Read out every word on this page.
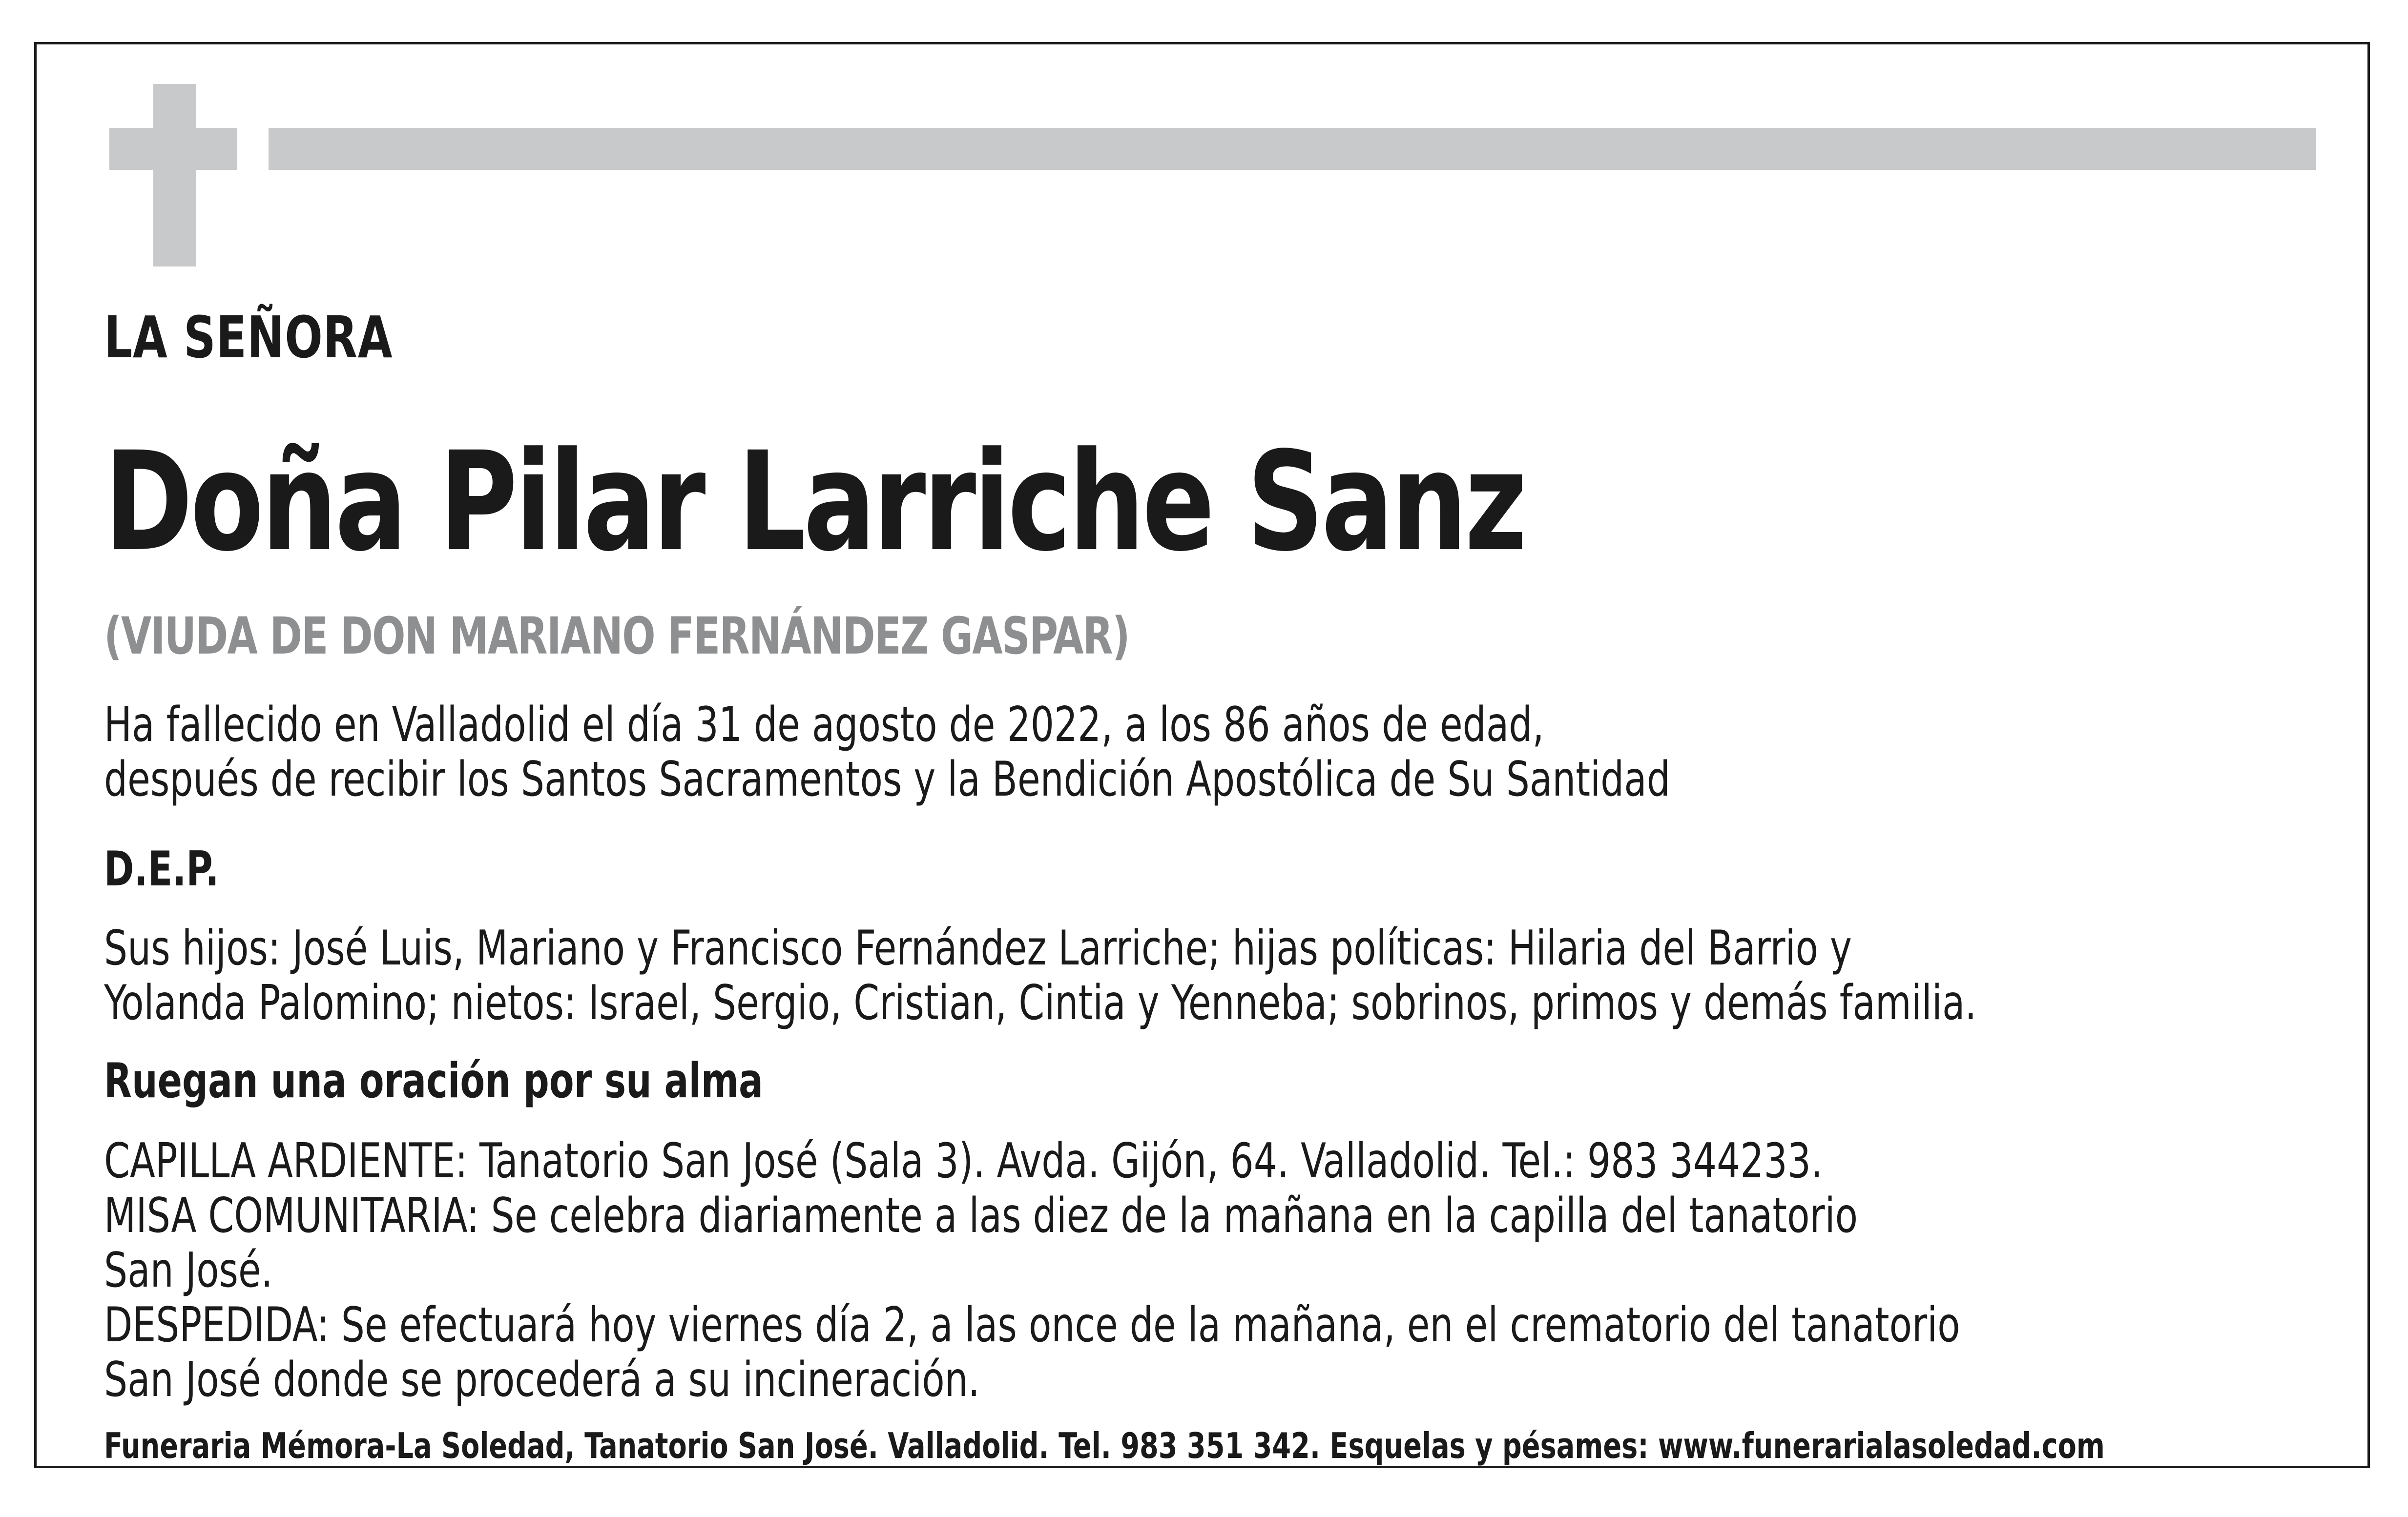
LA SEÑORA
Doña Pilar Larriche Sanz
(VIUDA DE DON MARIANO FERNÁNDEZ GASPAR)
Ha fallecido en Valladolid el día 31 de agosto de 2022, a los 86 años de edad,
después de recibir los Santos Sacramentos y la Bendición Apostólica de Su Santidad
D.E.P.
Sus hijos: José Luis, Mariano y Francisco Fernández Larriche; hijas políticas: Hilaria del Barrio y
Yolanda Palomino; nietos: Israel, Sergio, Cristian, Cintia y Yenneba; sobrinos, primos y demás familia.
Ruegan una oración por su alma
CAPILLA ARDIENTE: Tanatorio San José (Sala 3). Avda. Gijón, 64. Valladolid. Tel.: 983 344233.
MISA COMUNITARIA: Se celebra diariamente a las diez de la mañana en la capilla del tanatorio
San José.
DESPEDIDA: Se efectuará hoy viernes día 2, a las once de la mañana, en el crematorio del tanatorio
San José donde se procederá a su incineración.
Funeraria Mémora-La Soledad, Tanatorio San José. Valladolid. Tel. 983 351 342. Esquelas y pésames: www.funerarialasoledad.com
